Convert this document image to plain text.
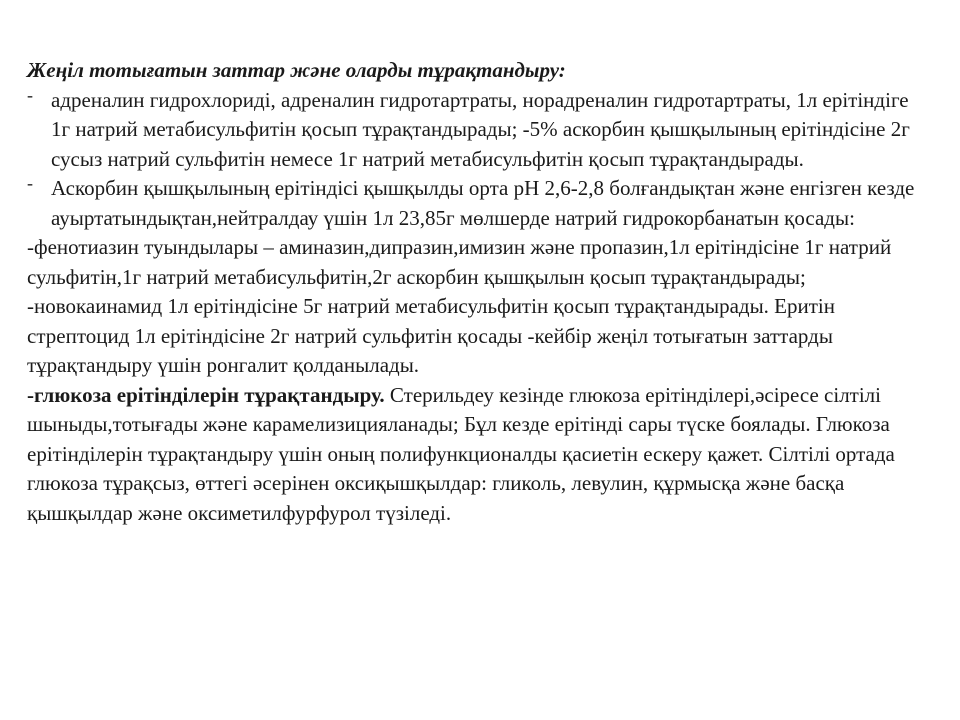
Жеңіл тотығатын заттар және оларды тұрақтандыру:

- адреналин гидрохлориді, адреналин гидротартраты, норадреналин гидротартраты, 1л ерітіндіге 1г натрий метабисульфитін қосып тұрақтандырады; -5% аскорбин қышқылының ерітіндісіне 2г сусыз натрий сульфитін немесе 1г натрий метабисульфитін қосып тұрақтандырады.
- Аскорбин қышқылының ерітіндісі қышқылды орта pH 2,6-2,8 болғандықтан және енгізген кезде ауыртатындықтан,нейтралдау үшін 1л 23,85г мөлшерде натрий гидрокорбанатын қосады:

-фенотиазин туындылары – аминазин,дипразин,имизин және пропазин,1л ерітіндісіне 1г натрий сульфитін,1г натрий метабисульфитін,2г аскорбин қышқылын қосып тұрақтандырады;

-новокаинамид 1л ерітіндісіне 5г натрий метабисульфитін қосып тұрақтандырады. Еритін стрептоцид 1л ерітіндісіне 2г натрий сульфитін қосады -кейбір жеңіл тотығатын заттарды тұрақтандыру үшін ронгалит қолданылады.

-глюкоза ерітінділерін тұрақтандыру. Стерильдеу кезінде глюкоза ерітінділері,әсіресе сілтілі шыныды,тотығады және карамелизицияланады; Бұл кезде ерітінді сары түске боялады. Глюкоза ерітінділерін тұрақтандыру үшін оның полифункционалды қасиетін ескеру қажет. Сілтілі ортада глюкоза тұрақсыз, өттегі әсерінен оксиқышқылдар: гликоль, левулин, құрмысқа және басқа қышқылдар және оксиметилфурфурол түзіледі.
